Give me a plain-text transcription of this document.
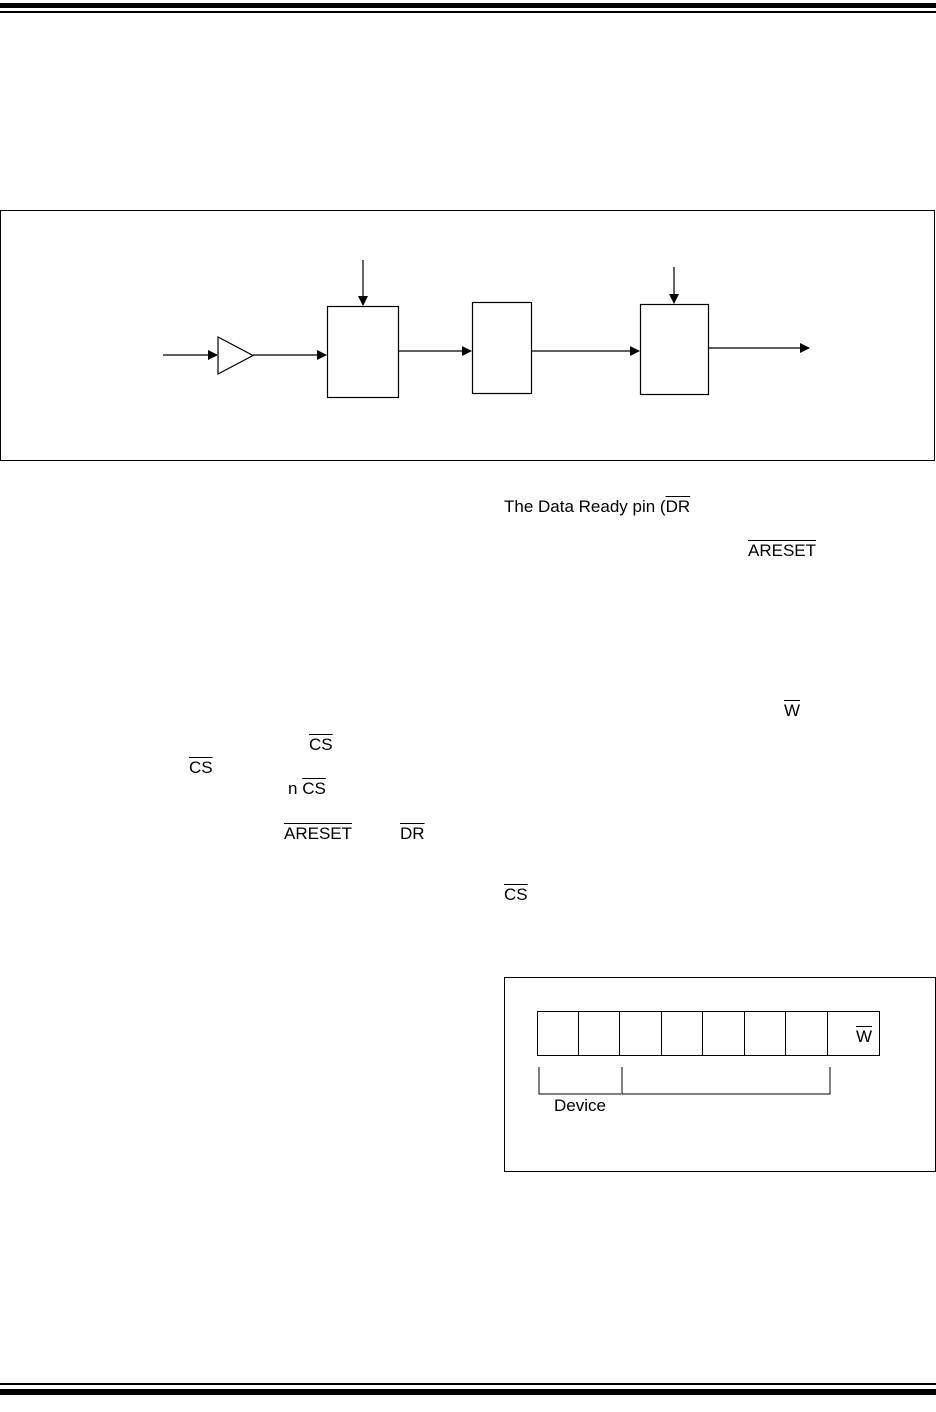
The Data Ready pin ($\overline{DR}$
ARESET
$\overline{W}$
$\overline{CS}$
$\overline{CS}$
$\overline{CS}$
n $\overline{CS}$
ARESET	$\overline{DR}$
$\overline{W}$
Device
